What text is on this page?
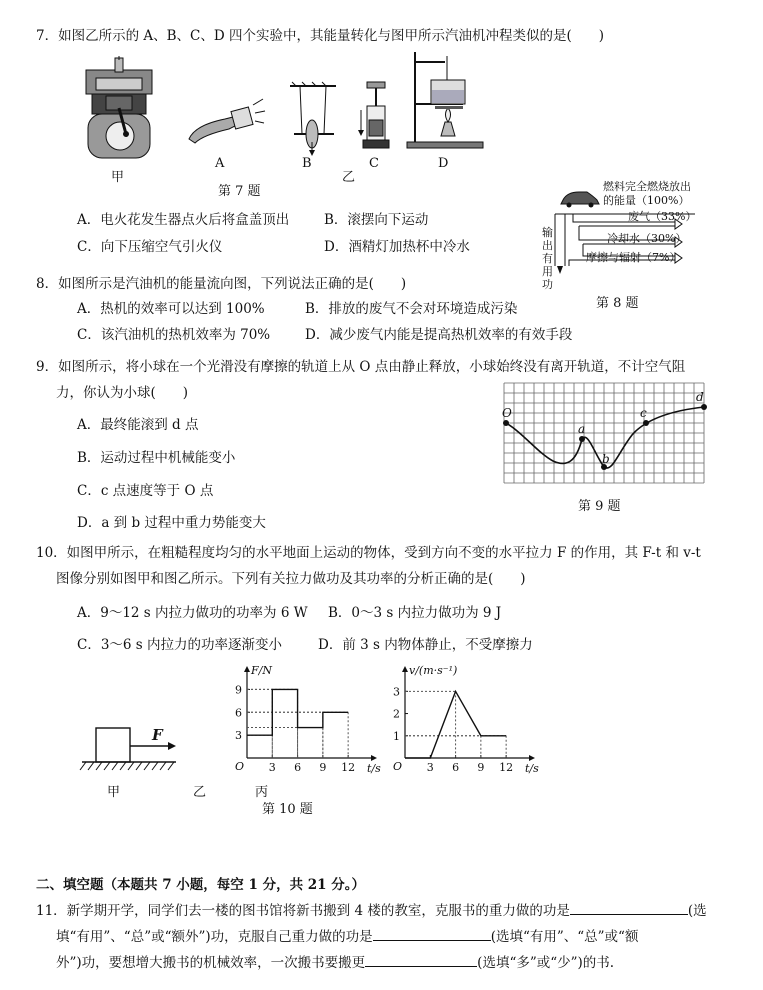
7．如图乙所示的 A、B、C、D 四个实验中，其能量转化与图甲所示汽油机冲程类似的是(　　)
甲
A	B
乙
C	D
第 7 题
A．电火花发生器点火后将盒盖顶出	B．滚摆向下运动
C．向下压缩空气引火仪	D．酒精灯加热杯中冷水
燃料完全燃烧放出
的能量（100%）
废气（33%）
冷却水（30%）
摩擦与辐射（7%）
输
出
有
用
功
第 8 题
8．如图所示是汽油机的能量流向图，下列说法正确的是(　　)
A．热机的效率可以达到 100%	B．排放的废气不会对环境造成污染
C．该汽油机的热机效率为 70%	D．减少废气内能是提高热机效率的有效手段
9．如图所示，将小球在一个光滑没有摩擦的轨道上从 O 点由静止释放，小球始终没有离开轨道，不计空气阻
力，你认为小球(　　)
A．最终能滚到 d 点
B．运动过程中机械能变小
C．c 点速度等于 O 点
D．a 到 b 过程中重力势能变大
O
a
b
c
d
第 9 题
10．如图甲所示，在粗糙程度均匀的水平地面上运动的物体，受到方向不变的水平拉力 F 的作用，其 F-t 和 v-t
图像分别如图甲和图乙所示。下列有关拉力做功及其功率的分析正确的是(　　)
A．9～12 s 内拉力做功的功率为 6 W B．0～3 s 内拉力做功为 9 J
C．3～6 s 内拉力的功率逐渐变小	D．前 3 s 内物体静止，不受摩擦力
F
O 3 6 9 12
3
6
9
t/s
F/N
O 3 6 9 12
1
2
3
t/s
v/(m·s⁻¹)
甲	乙	丙
第 10 题
二、填空题（本题共 7 小题，每空 1 分，共 21 分。）
11．新学期开学，同学们去一楼的图书馆将新书搬到 4 楼的教室，克服书的重力做的功是	(选
填“有用”、“总”或“额外”)功，克服自己重力做的功是	(选填“有用”、“总”或“额
外”)功，要想增大搬书的机械效率，一次搬书要搬更	(选填“多”或“少”)的书.
